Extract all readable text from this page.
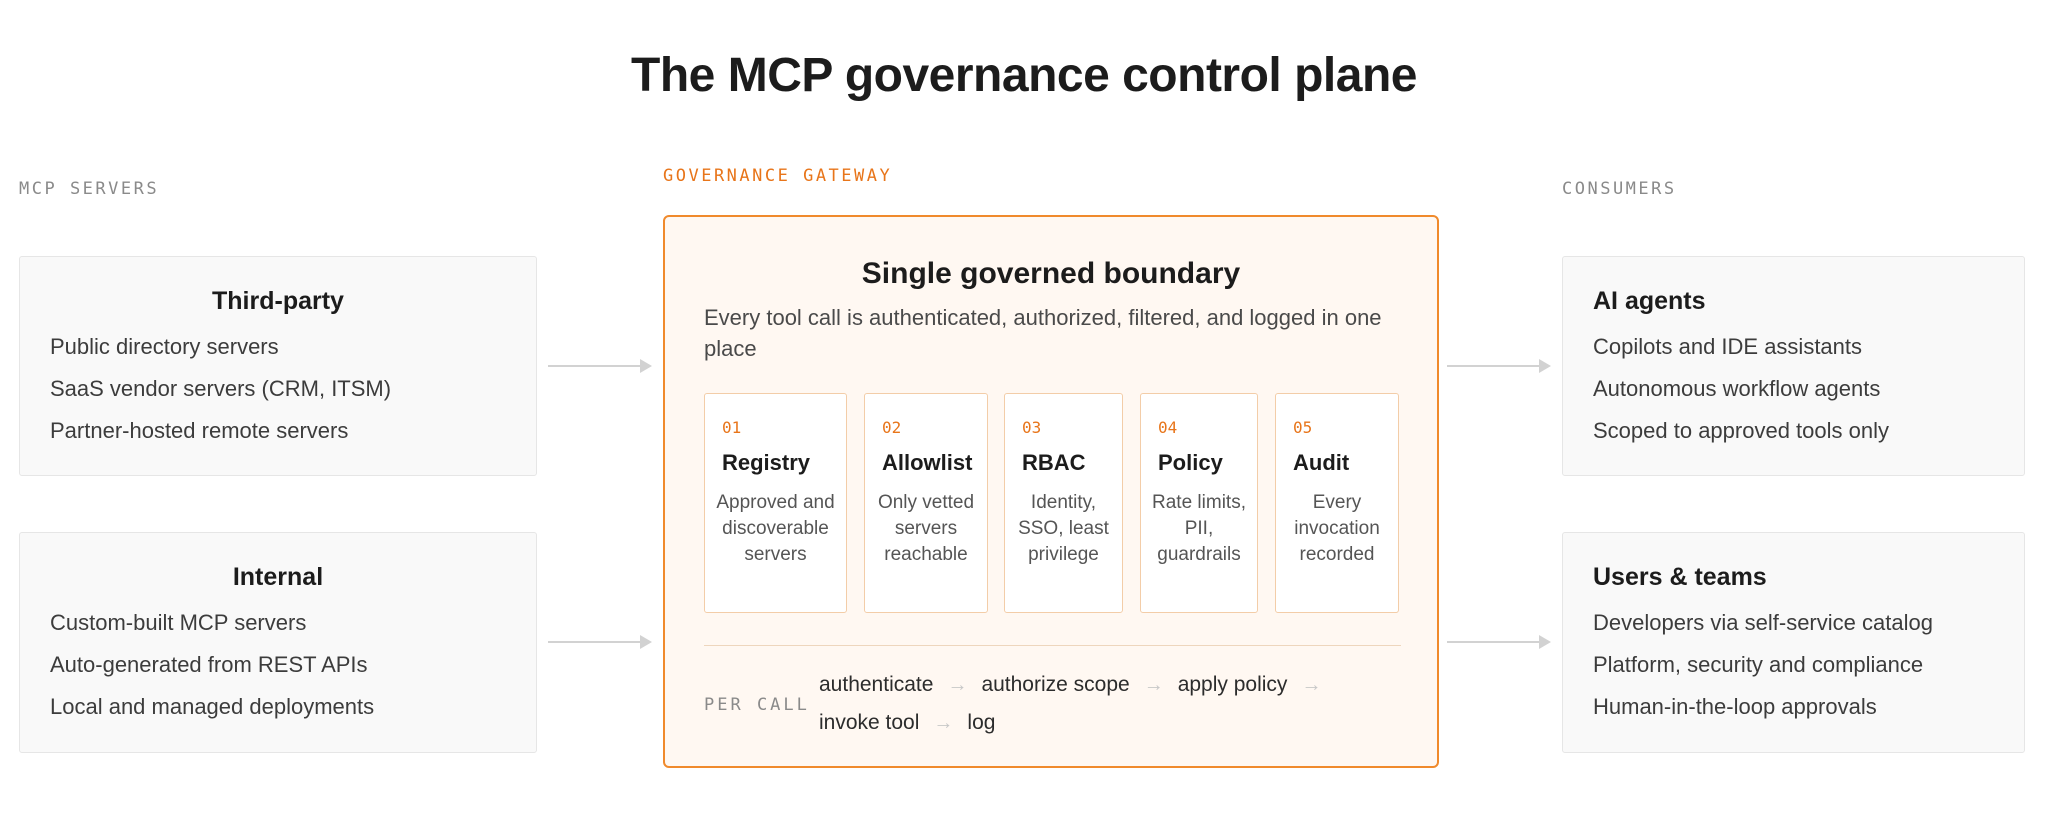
The MCP governance control plane
MCP SERVERS
GOVERNANCE GATEWAY
CONSUMERS
Third-party
Public directory servers
SaaS vendor servers (CRM, ITSM)
Partner-hosted remote servers
Internal
Custom-built MCP servers
Auto-generated from REST APIs
Local and managed deployments
Single governed boundary
Every tool call is authenticated, authorized, filtered, and logged in one place
01
Registry
Approved and discoverable servers
02
Allowlist
Only vetted servers reachable
03
RBAC
Identity, SSO, least privilege
04
Policy
Rate limits, PII, guardrails
05
Audit
Every invocation recorded
PER CALL
authenticate → authorize scope → apply policy →
invoke tool → log
AI agents
Copilots and IDE assistants
Autonomous workflow agents
Scoped to approved tools only
Users & teams
Developers via self-service catalog
Platform, security and compliance
Human-in-the-loop approvals
